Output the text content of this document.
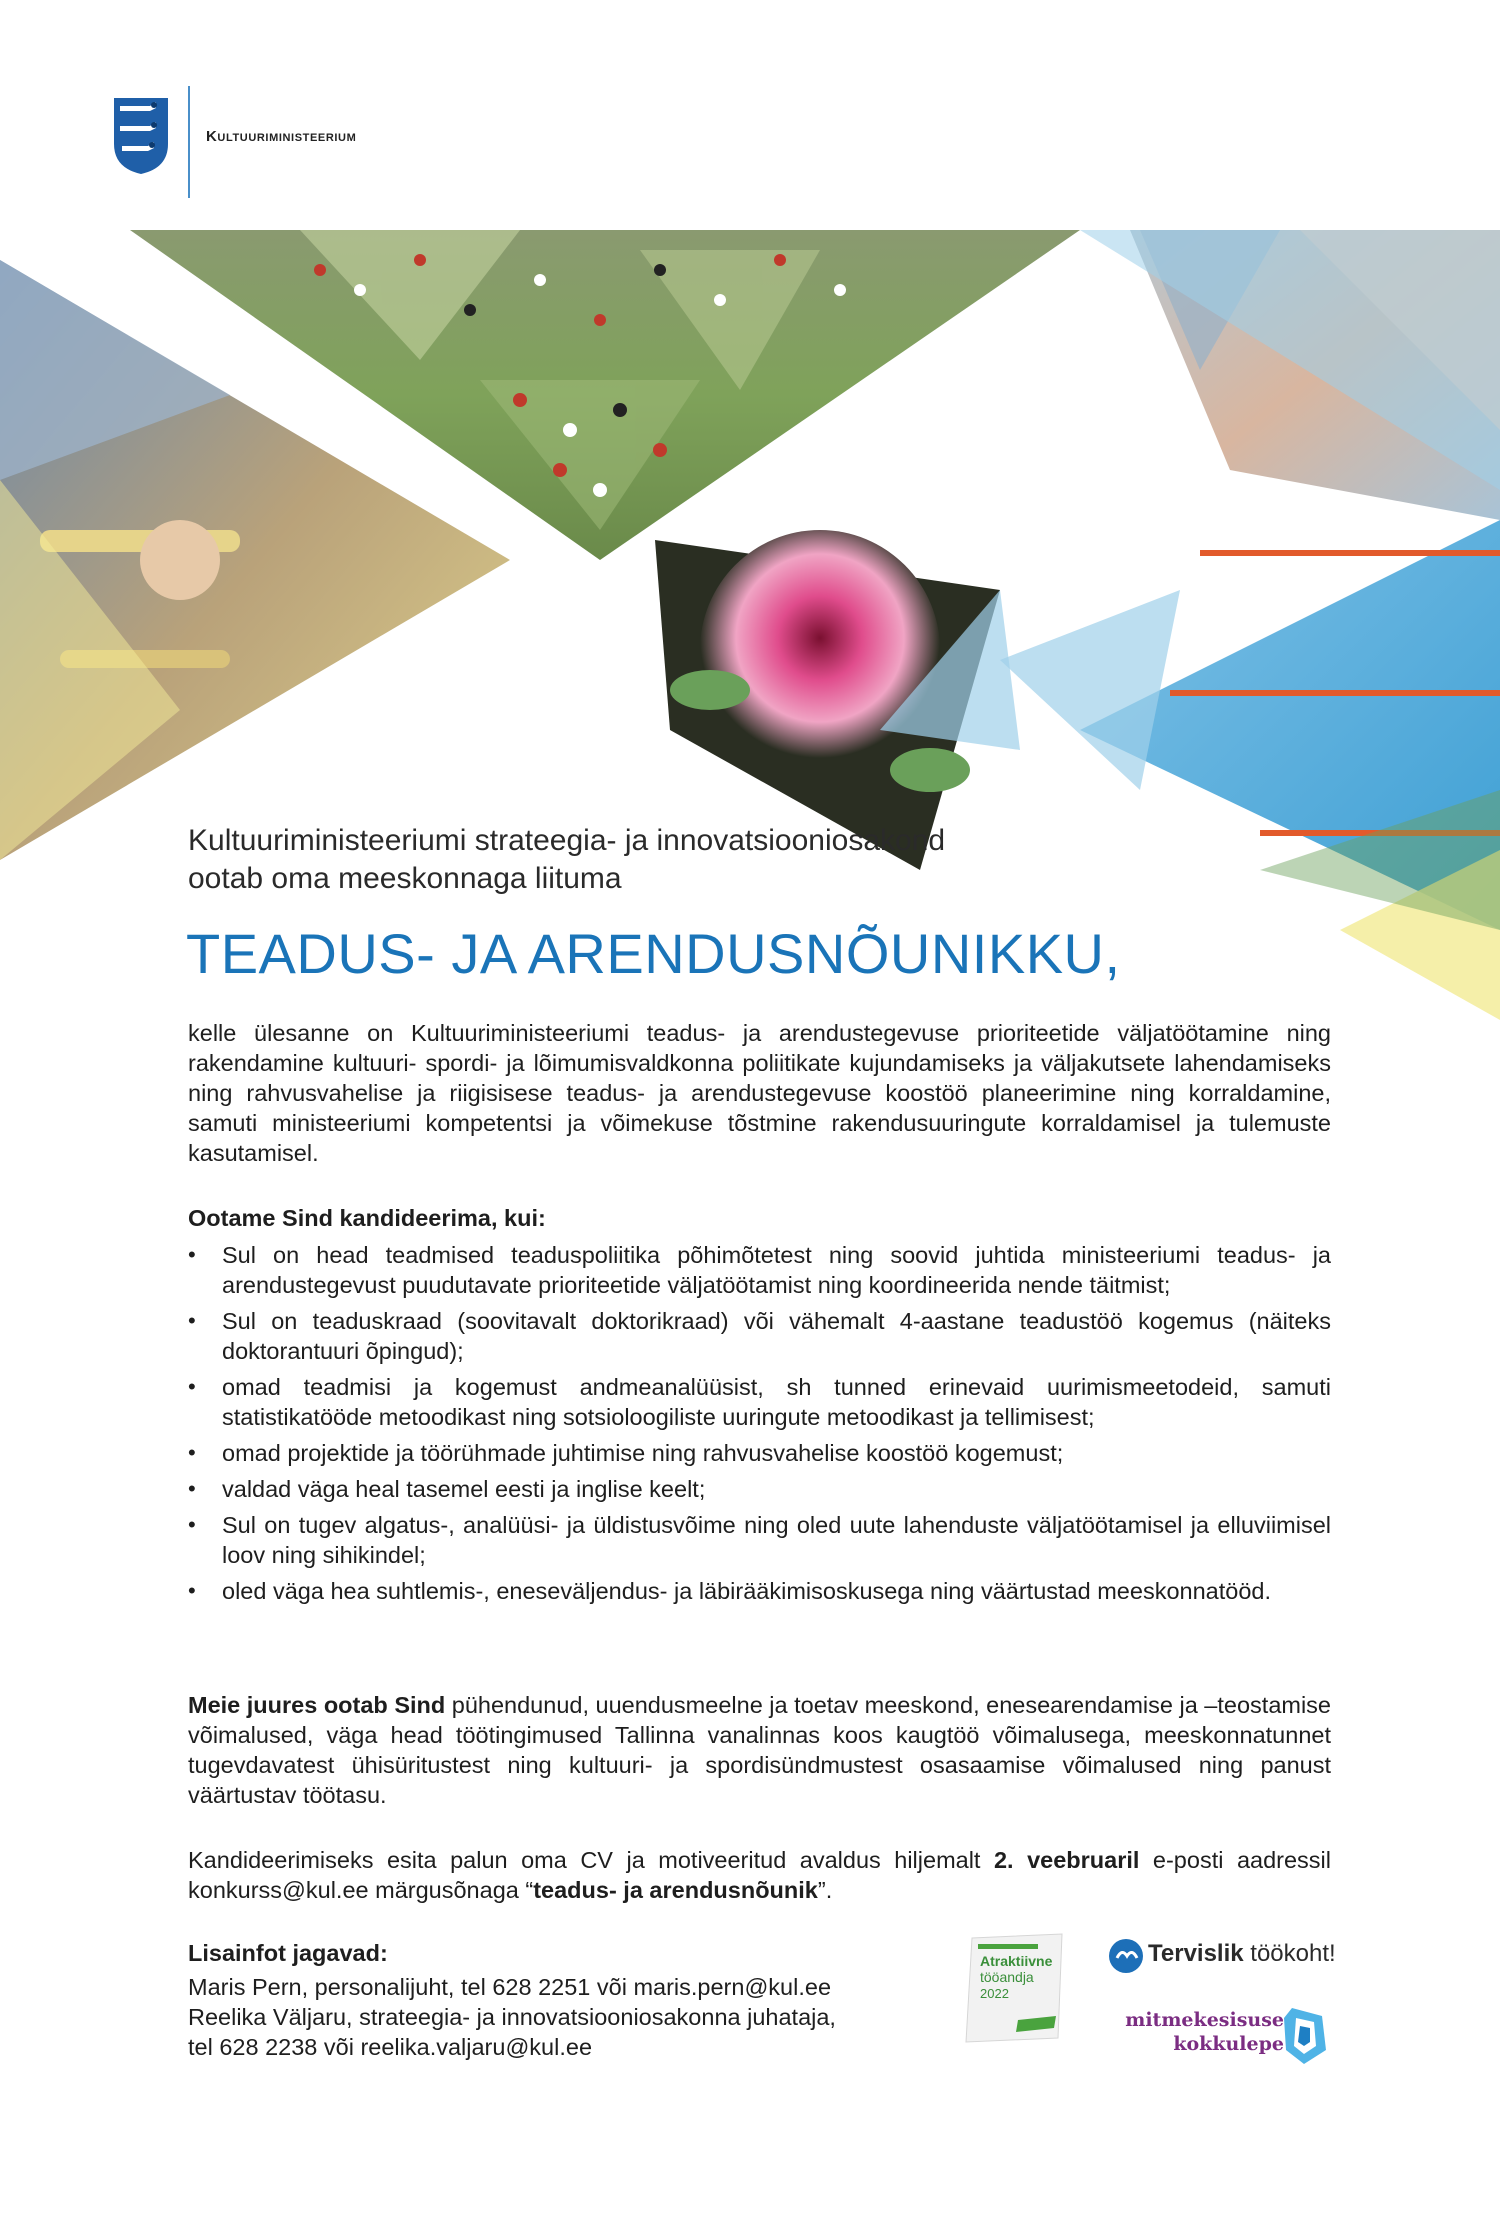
Kultuuriministeerium
Kultuuriministeeriumi strateegia- ja innovatsiooniosakond
ootab oma meeskonnaga liituma
TEADUS- JA ARENDUSNÕUNIKKU,
kelle ülesanne on Kultuuriministeeriumi teadus- ja arendustegevuse prioriteetide väljatöötamine ning rakendamine kultuuri- spordi- ja lõimumisvaldkonna poliitikate kujundamiseks ja väljakutsete lahendamiseks ning rahvusvahelise ja riigisisese teadus- ja arendustegevuse koostöö planeerimine ning korraldamine, samuti ministeeriumi kompetentsi ja võimekuse tõstmine rakendusuuringute korraldamisel ja tulemuste kasutamisel.
Ootame Sind kandideerima, kui:
• Sul on head teadmised teaduspoliitika põhimõtetest ning soovid juhtida ministeeriumi teadus- ja arendustegevust puudutavate prioriteetide väljatöötamist ning koordineerida nende täitmist;
• Sul on teaduskraad (soovitavalt doktorikraad) või vähemalt 4-aastane teadustöö kogemus (näiteks doktorantuuri õpingud);
• omad teadmisi ja kogemust andmeanalüüsist, sh tunned erinevaid uurimismeetodeid, samuti statistikatööde metoodikast ning sotsioloogiliste uuringute metoodikast ja tellimisest;
• omad projektide ja töörühmade juhtimise ning rahvusvahelise koostöö kogemust;
• valdad väga heal tasemel eesti ja inglise keelt;
• Sul on tugev algatus-, analüüsi- ja üldistusvõime ning oled uute lahenduste väljatöötamisel ja elluviimisel loov ning sihikindel;
• oled väga hea suhtlemis-, eneseväljendus- ja läbirääkimisoskusega ning väärtustad meeskonnatööd.
Meie juures ootab Sind pühendunud, uuendusmeelne ja toetav meeskond, enesearendamise ja –teostamise võimalused, väga head töötingimused Tallinna vanalinnas koos kaugtöö võimalusega, meeskonnatunnet tugevdavatest ühisüritustest ning kultuuri- ja spordisündmustest osasaamise võimalused ning panust väärtustav töötasu.
Kandideerimiseks esita palun oma CV ja motiveeritud avaldus hiljemalt 2. veebruaril e-posti aadressil konkurss@kul.ee märgusõnaga “teadus- ja arendusnõunik”.
Lisainfot jagavad:
Maris Pern, personalijuht, tel 628 2251 või maris.pern@kul.ee
Reelika Väljaru, strateegia- ja innovatsiooniosakonna juhataja,
tel 628 2238 või reelika.valjaru@kul.ee
Atraktiivne
tööandja
2022
Tervislik töökoht!
mitmekesisuse
kokkulepe
